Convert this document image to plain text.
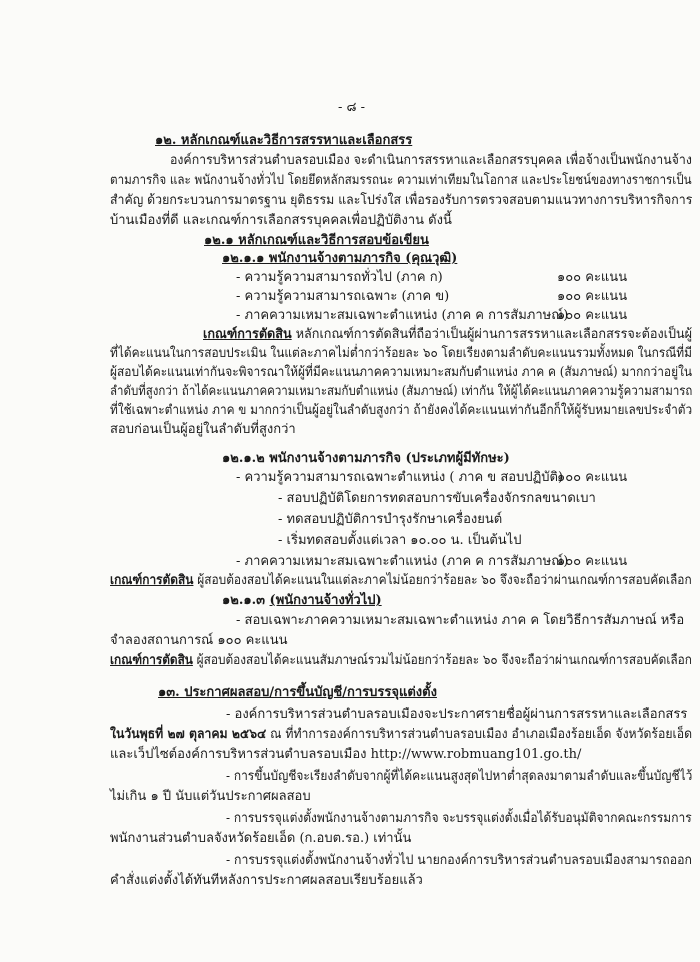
- ๘ -
๑๒. หลักเกณฑ์และวิธีการสรรหาและเลือกสรร
องค์การบริหารส่วนตำบลรอบเมือง จะดำเนินการสรรหาและเลือกสรรบุคคล เพื่อจ้างเป็นพนักงานจ้าง
ตามภารกิจ และ พนักงานจ้างทั่วไป โดยยึดหลักสมรรถนะ ความเท่าเทียมในโอกาส และประโยชน์ของทางราชการเป็น
สำคัญ ด้วยกระบวนการมาตรฐาน ยุติธรรม และโปร่งใส เพื่อรองรับการตรวจสอบตามแนวทางการบริหารกิจการ
บ้านเมืองที่ดี และเกณฑ์การเลือกสรรบุคคลเพื่อปฏิบัติงาน ดังนี้
๑๒.๑ หลักเกณฑ์และวิธีการสอบข้อเขียน
๑๒.๑.๑ พนักงานจ้างตามภารกิจ (คุณวุฒิ)
- ความรู้ความสามารถทั่วไป (ภาค ก)	๑๐๐ คะแนน
- ความรู้ความสามารถเฉพาะ (ภาค ข)	๑๐๐ คะแนน
- ภาคความเหมาะสมเฉพาะตำแหน่ง (ภาค ค การสัมภาษณ์)
๑๐๐ คะแนน
เกณฑ์การตัดสิน หลักเกณฑ์การตัดสินที่ถือว่าเป็นผู้ผ่านการสรรหาและเลือกสรรจะต้องเป็นผู้
ที่ได้คะแนนในการสอบประเมิน ในแต่ละภาคไม่ต่ำกว่าร้อยละ ๖๐ โดยเรียงตามลำดับคะแนนรวมทั้งหมด ในกรณีที่มี
ผู้สอบได้คะแนนเท่ากันจะพิจารณาให้ผู้ที่มีคะแนนภาคความเหมาะสมกับตำแหน่ง ภาค ค (สัมภาษณ์) มากกว่าอยู่ใน
ลำดับที่สูงกว่า ถ้าได้คะแนนภาคความเหมาะสมกับตำแหน่ง (สัมภาษณ์) เท่ากัน ให้ผู้ได้คะแนนภาคความรู้ความสามารถ
ที่ใช้เฉพาะตำแหน่ง ภาค ข มากกว่าเป็นผู้อยู่ในลำดับสูงกว่า ถ้ายังคงได้คะแนนเท่ากันอีกก็ให้ผู้รับหมายเลขประจำตัว
สอบก่อนเป็นผู้อยู่ในลำดับที่สูงกว่า
๑๒.๑.๒ พนักงานจ้างตามภารกิจ (ประเภทผู้มีทักษะ)
- ความรู้ความสามารถเฉพาะตำแหน่ง ( ภาค ข สอบปฏิบัติ)
๑๐๐ คะแนน
- สอบปฏิบัติโดยการทดสอบการขับเครื่องจักรกลขนาดเบา
- ทดสอบปฏิบัติการบำรุงรักษาเครื่องยนต์
- เริ่มทดสอบตั้งแต่เวลา ๑๐.๐๐ น. เป็นต้นไป
- ภาคความเหมาะสมเฉพาะตำแหน่ง (ภาค ค การสัมภาษณ์)
๑๐๐ คะแนน
เกณฑ์การตัดสิน ผู้สอบต้องสอบได้คะแนนในแต่ละภาคไม่น้อยกว่าร้อยละ ๖๐ จึงจะถือว่าผ่านเกณฑ์การสอบคัดเลือก
๑๒.๑.๓ (พนักงานจ้างทั่วไป)
- สอบเฉพาะภาคความเหมาะสมเฉพาะตำแหน่ง ภาค ค โดยวิธีการสัมภาษณ์ หรือ
จำลองสถานการณ์ ๑๐๐ คะแนน
เกณฑ์การตัดสิน ผู้สอบต้องสอบได้คะแนนสัมภาษณ์รวมไม่น้อยกว่าร้อยละ ๖๐ จึงจะถือว่าผ่านเกณฑ์การสอบคัดเลือก
๑๓. ประกาศผลสอบ/การขึ้นบัญชี/การบรรจุแต่งตั้ง
- องค์การบริหารส่วนตำบลรอบเมืองจะประกาศรายชื่อผู้ผ่านการสรรหาและเลือกสรร
ในวันพุธที่ ๒๗ ตุลาคม ๒๕๖๔ ณ ที่ทำการองค์การบริหารส่วนตำบลรอบเมือง อำเภอเมืองร้อยเอ็ด จังหวัดร้อยเอ็ด
และเว็ปไซต์องค์การบริหารส่วนตำบลรอบเมือง http://www.robmuang101.go.th/
- การขึ้นบัญชีจะเรียงลำดับจากผู้ที่ได้คะแนนสูงสุดไปหาต่ำสุดลงมาตามลำดับและขึ้นบัญชีไว้
ไม่เกิน ๑ ปี นับแต่วันประกาศผลสอบ
- การบรรจุแต่งตั้งพนักงานจ้างตามภารกิจ จะบรรจุแต่งตั้งเมื่อได้รับอนุมัติจากคณะกรรมการ
พนักงานส่วนตำบลจังหวัดร้อยเอ็ด (ก.อบต.รอ.) เท่านั้น
- การบรรจุแต่งตั้งพนักงานจ้างทั่วไป นายกองค์การบริหารส่วนตำบลรอบเมืองสามารถออก
คำสั่งแต่งตั้งได้ทันทีหลังการประกาศผลสอบเรียบร้อยแล้ว
